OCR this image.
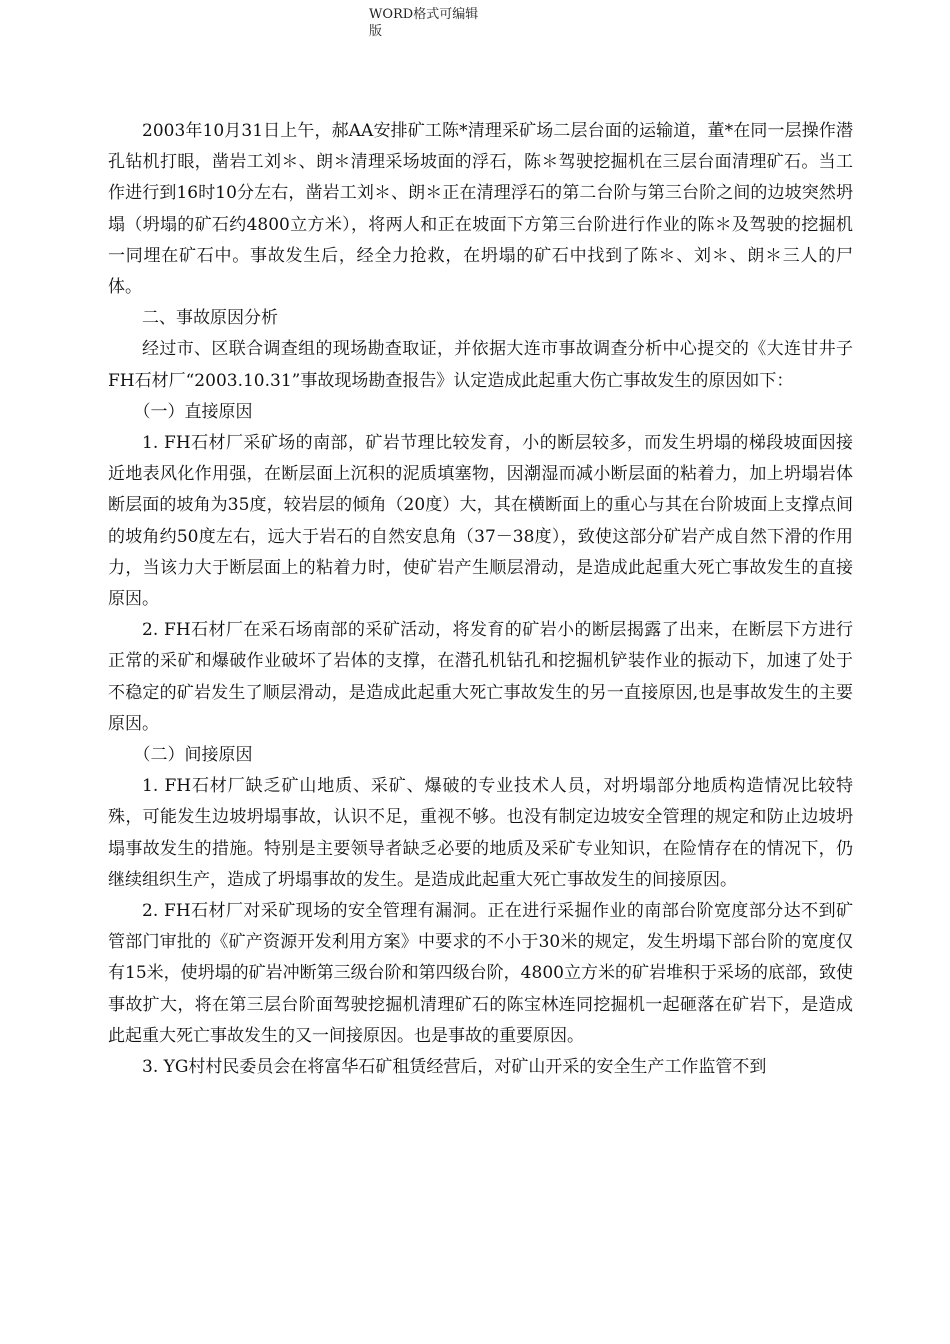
WORD格式可编辑版

2003年10月31日上午，郝AA安排矿工陈*清理采矿场二层台面的运输道，董*在同一层操作潜孔钻机打眼，凿岩工刘＊、朗＊清理采场坡面的浮石，陈＊驾驶挖掘机在三层台面清理矿石。当工作进行到16时10分左右，凿岩工刘＊、朗＊正在清理浮石的第二台阶与第三台阶之间的边坡突然坍塌（坍塌的矿石约4800立方米），将两人和正在坡面下方第三台阶进行作业的陈＊及驾驶的挖掘机一同埋在矿石中。事故发生后，经全力抢救，在坍塌的矿石中找到了陈＊、刘＊、朗＊三人的尸体。

二、事故原因分析

经过市、区联合调查组的现场勘查取证，并依据大连市事故调查分析中心提交的《大连甘井子FH石材厂“2003.10.31”事故现场勘查报告》认定造成此起重大伤亡事故发生的原因如下：

（一）直接原因

1. FH石材厂采矿场的南部，矿岩节理比较发育，小的断层较多，而发生坍塌的梯段坡面因接近地表风化作用强，在断层面上沉积的泥质填塞物，因潮湿而减小断层面的粘着力，加上坍塌岩体断层面的坡角为35度，较岩层的倾角（20度）大，其在横断面上的重心与其在台阶坡面上支撑点间的坡角约50度左右，远大于岩石的自然安息角（37－38度），致使这部分矿岩产成自然下滑的作用力，当该力大于断层面上的粘着力时，使矿岩产生顺层滑动，是造成此起重大死亡事故发生的直接原因。

2. FH石材厂在采石场南部的采矿活动，将发育的矿岩小的断层揭露了出来，在断层下方进行正常的采矿和爆破作业破坏了岩体的支撑，在潜孔机钻孔和挖掘机铲装作业的振动下，加速了处于不稳定的矿岩发生了顺层滑动，是造成此起重大死亡事故发生的另一直接原因,也是事故发生的主要原因。

（二）间接原因

1. FH石材厂缺乏矿山地质、采矿、爆破的专业技术人员，对坍塌部分地质构造情况比较特殊，可能发生边坡坍塌事故，认识不足，重视不够。也没有制定边坡安全管理的规定和防止边坡坍塌事故发生的措施。特别是主要领导者缺乏必要的地质及采矿专业知识，在险情存在的情况下，仍继续组织生产，造成了坍塌事故的发生。是造成此起重大死亡事故发生的间接原因。

2. FH石材厂对采矿现场的安全管理有漏洞。正在进行采掘作业的南部台阶宽度部分达不到矿管部门审批的《矿产资源开发利用方案》中要求的不小于30米的规定，发生坍塌下部台阶的宽度仅有15米，使坍塌的矿岩冲断第三级台阶和第四级台阶，4800立方米的矿岩堆积于采场的底部，致使事故扩大，将在第三层台阶面驾驶挖掘机清理矿石的陈宝林连同挖掘机一起砸落在矿岩下，是造成此起重大死亡事故发生的又一间接原因。也是事故的重要原因。

3. YG村村民委员会在将富华石矿租赁经营后，对矿山开采的安全生产工作监管不到
